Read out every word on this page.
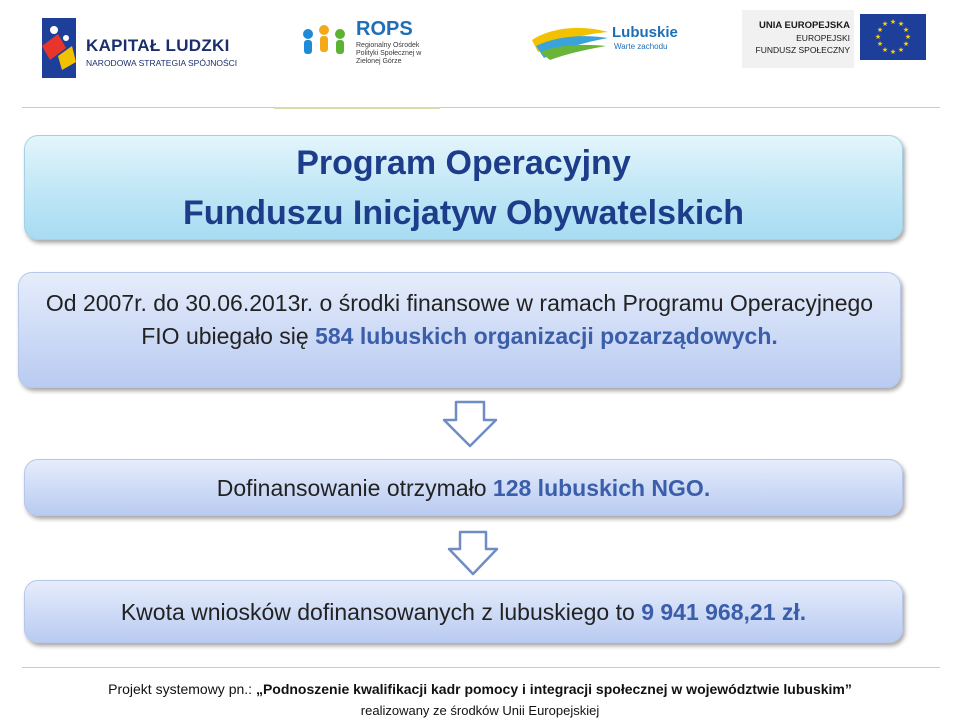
KAPITAŁ LUDZKI
NARODOWA STRATEGIA SPÓJNOŚCI
ROPS
Regionalny Ośrodek Polityki Społecznej w Zielonej Górze
Lubuskie
Warte zachodu
UNIA EUROPEJSKA
EUROPEJSKI
FUNDUSZ SPOŁECZNY
★ ★
★
★
★
★
★
★
★
★
★
★
Program Operacyjny
Funduszu Inicjatyw Obywatelskich
Od 2007r. do 30.06.2013r. o środki finansowe w ramach Programu Operacyjnego FIO ubiegało się 584 lubuskich organizacji pozarządowych.
Dofinansowanie otrzymało 128 lubuskich NGO.
Kwota wniosków dofinansowanych z lubuskiego to 9 941 968,21 zł.
Projekt systemowy pn.: „Podnoszenie kwalifikacji kadr pomocy i integracji społecznej w województwie lubuskim”
realizowany ze środków Unii Europejskiej
